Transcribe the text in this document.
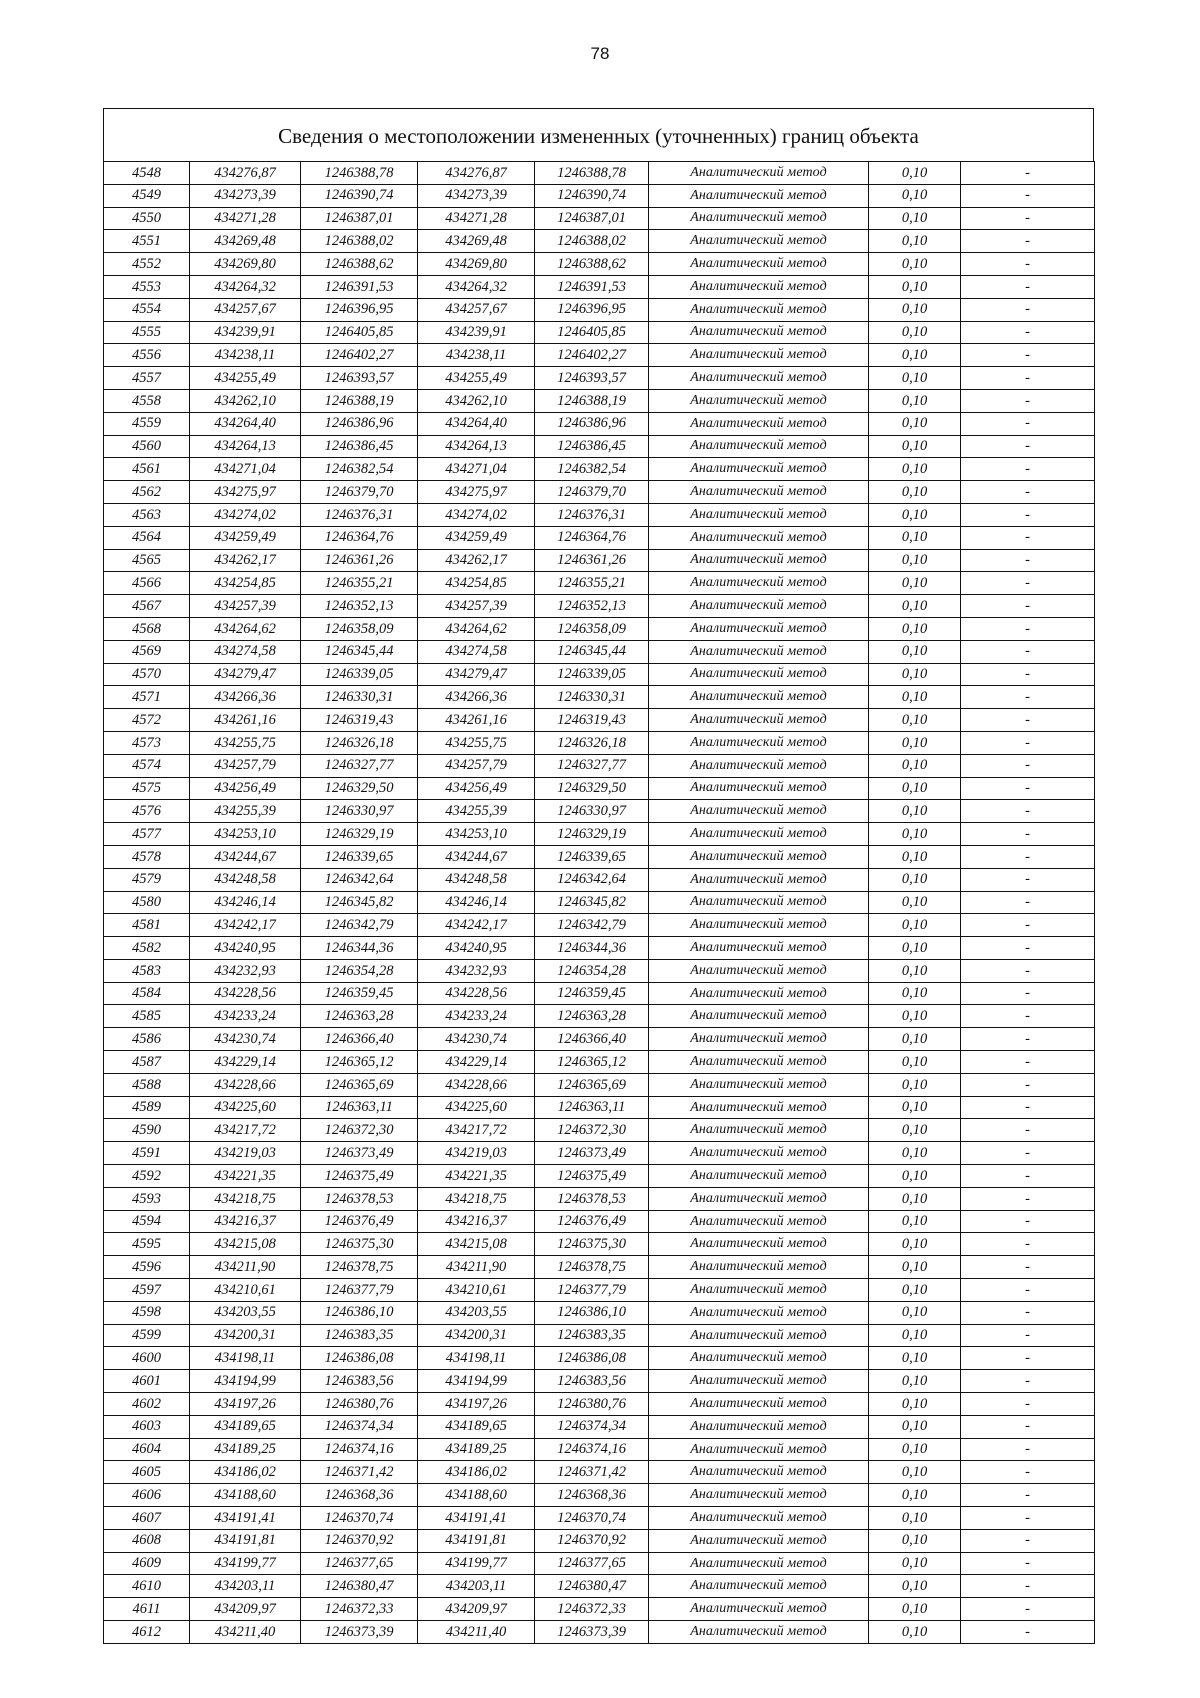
78
Сведения о местоположении измененных (уточненных) границ объекта
4548	434276,87	1246388,78	434276,87	1246388,78	Аналитический метод	0,10	-
4549	434273,39	1246390,74	434273,39	1246390,74	Аналитический метод	0,10	-
4550	434271,28	1246387,01	434271,28	1246387,01	Аналитический метод	0,10	-
4551	434269,48	1246388,02	434269,48	1246388,02	Аналитический метод	0,10	-
4552	434269,80	1246388,62	434269,80	1246388,62	Аналитический метод	0,10	-
4553	434264,32	1246391,53	434264,32	1246391,53	Аналитический метод	0,10	-
4554	434257,67	1246396,95	434257,67	1246396,95	Аналитический метод	0,10	-
4555	434239,91	1246405,85	434239,91	1246405,85	Аналитический метод	0,10	-
4556	434238,11	1246402,27	434238,11	1246402,27	Аналитический метод	0,10	-
4557	434255,49	1246393,57	434255,49	1246393,57	Аналитический метод	0,10	-
4558	434262,10	1246388,19	434262,10	1246388,19	Аналитический метод	0,10	-
4559	434264,40	1246386,96	434264,40	1246386,96	Аналитический метод	0,10	-
4560	434264,13	1246386,45	434264,13	1246386,45	Аналитический метод	0,10	-
4561	434271,04	1246382,54	434271,04	1246382,54	Аналитический метод	0,10	-
4562	434275,97	1246379,70	434275,97	1246379,70	Аналитический метод	0,10	-
4563	434274,02	1246376,31	434274,02	1246376,31	Аналитический метод	0,10	-
4564	434259,49	1246364,76	434259,49	1246364,76	Аналитический метод	0,10	-
4565	434262,17	1246361,26	434262,17	1246361,26	Аналитический метод	0,10	-
4566	434254,85	1246355,21	434254,85	1246355,21	Аналитический метод	0,10	-
4567	434257,39	1246352,13	434257,39	1246352,13	Аналитический метод	0,10	-
4568	434264,62	1246358,09	434264,62	1246358,09	Аналитический метод	0,10	-
4569	434274,58	1246345,44	434274,58	1246345,44	Аналитический метод	0,10	-
4570	434279,47	1246339,05	434279,47	1246339,05	Аналитический метод	0,10	-
4571	434266,36	1246330,31	434266,36	1246330,31	Аналитический метод	0,10	-
4572	434261,16	1246319,43	434261,16	1246319,43	Аналитический метод	0,10	-
4573	434255,75	1246326,18	434255,75	1246326,18	Аналитический метод	0,10	-
4574	434257,79	1246327,77	434257,79	1246327,77	Аналитический метод	0,10	-
4575	434256,49	1246329,50	434256,49	1246329,50	Аналитический метод	0,10	-
4576	434255,39	1246330,97	434255,39	1246330,97	Аналитический метод	0,10	-
4577	434253,10	1246329,19	434253,10	1246329,19	Аналитический метод	0,10	-
4578	434244,67	1246339,65	434244,67	1246339,65	Аналитический метод	0,10	-
4579	434248,58	1246342,64	434248,58	1246342,64	Аналитический метод	0,10	-
4580	434246,14	1246345,82	434246,14	1246345,82	Аналитический метод	0,10	-
4581	434242,17	1246342,79	434242,17	1246342,79	Аналитический метод	0,10	-
4582	434240,95	1246344,36	434240,95	1246344,36	Аналитический метод	0,10	-
4583	434232,93	1246354,28	434232,93	1246354,28	Аналитический метод	0,10	-
4584	434228,56	1246359,45	434228,56	1246359,45	Аналитический метод	0,10	-
4585	434233,24	1246363,28	434233,24	1246363,28	Аналитический метод	0,10	-
4586	434230,74	1246366,40	434230,74	1246366,40	Аналитический метод	0,10	-
4587	434229,14	1246365,12	434229,14	1246365,12	Аналитический метод	0,10	-
4588	434228,66	1246365,69	434228,66	1246365,69	Аналитический метод	0,10	-
4589	434225,60	1246363,11	434225,60	1246363,11	Аналитический метод	0,10	-
4590	434217,72	1246372,30	434217,72	1246372,30	Аналитический метод	0,10	-
4591	434219,03	1246373,49	434219,03	1246373,49	Аналитический метод	0,10	-
4592	434221,35	1246375,49	434221,35	1246375,49	Аналитический метод	0,10	-
4593	434218,75	1246378,53	434218,75	1246378,53	Аналитический метод	0,10	-
4594	434216,37	1246376,49	434216,37	1246376,49	Аналитический метод	0,10	-
4595	434215,08	1246375,30	434215,08	1246375,30	Аналитический метод	0,10	-
4596	434211,90	1246378,75	434211,90	1246378,75	Аналитический метод	0,10	-
4597	434210,61	1246377,79	434210,61	1246377,79	Аналитический метод	0,10	-
4598	434203,55	1246386,10	434203,55	1246386,10	Аналитический метод	0,10	-
4599	434200,31	1246383,35	434200,31	1246383,35	Аналитический метод	0,10	-
4600	434198,11	1246386,08	434198,11	1246386,08	Аналитический метод	0,10	-
4601	434194,99	1246383,56	434194,99	1246383,56	Аналитический метод	0,10	-
4602	434197,26	1246380,76	434197,26	1246380,76	Аналитический метод	0,10	-
4603	434189,65	1246374,34	434189,65	1246374,34	Аналитический метод	0,10	-
4604	434189,25	1246374,16	434189,25	1246374,16	Аналитический метод	0,10	-
4605	434186,02	1246371,42	434186,02	1246371,42	Аналитический метод	0,10	-
4606	434188,60	1246368,36	434188,60	1246368,36	Аналитический метод	0,10	-
4607	434191,41	1246370,74	434191,41	1246370,74	Аналитический метод	0,10	-
4608	434191,81	1246370,92	434191,81	1246370,92	Аналитический метод	0,10	-
4609	434199,77	1246377,65	434199,77	1246377,65	Аналитический метод	0,10	-
4610	434203,11	1246380,47	434203,11	1246380,47	Аналитический метод	0,10	-
4611	434209,97	1246372,33	434209,97	1246372,33	Аналитический метод	0,10	-
4612	434211,40	1246373,39	434211,40	1246373,39	Аналитический метод	0,10	-
